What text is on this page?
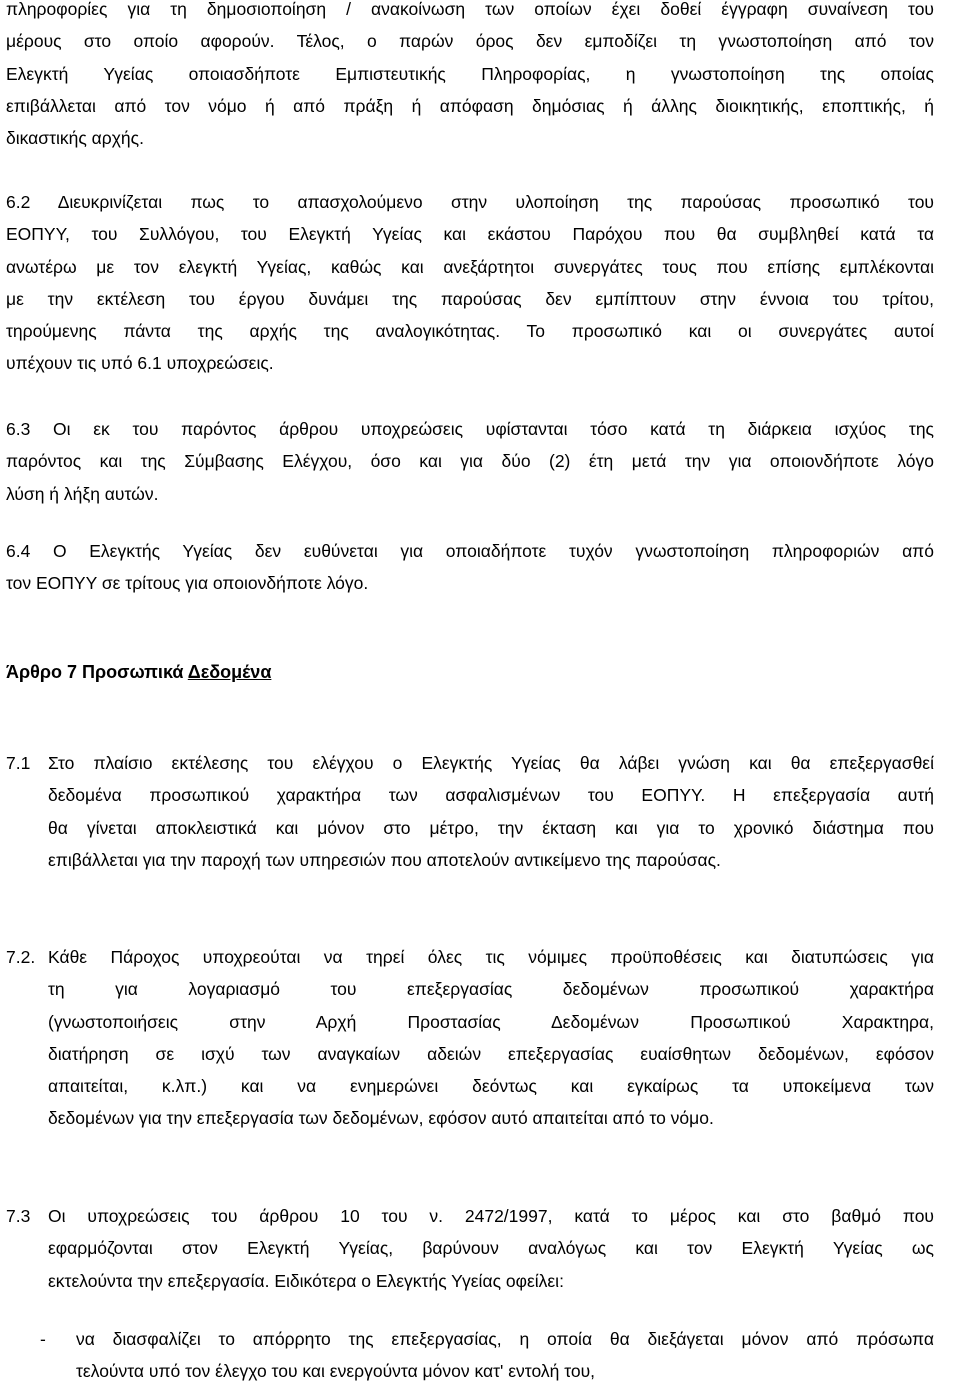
πληροφορίες για τη δημοσιοποίηση / ανακοίνωση των οποίων έχει δοθεί έγγραφη συναίνεση του
μέρους στο οποίο αφορούν. Τέλος, ο παρών όρος δεν εμποδίζει τη γνωστοποίηση από τον
Ελεγκτή Υγείας οποιασδήποτε Εμπιστευτικής Πληροφορίας, η γνωστοποίηση της οποίας
επιβάλλεται από τον νόμο ή από πράξη ή απόφαση δημόσιας ή άλλης διοικητικής, εποπτικής, ή
δικαστικής αρχής.
6.2 Διευκρινίζεται πως το απασχολούμενο στην υλοποίηση της παρούσας προσωπικό του
ΕΟΠΥΥ, του Συλλόγου, του Ελεγκτή Υγείας και εκάστου Παρόχου που θα συμβληθεί κατά τα
ανωτέρω με τον ελεγκτή Υγείας, καθώς και ανεξάρτητοι συνεργάτες τους που επίσης εμπλέκονται
με την εκτέλεση του έργου δυνάμει της παρούσας δεν εμπίπτουν στην έννοια του τρίτου,
τηρούμενης πάντα της αρχής της αναλογικότητας. Το προσωπικό και οι συνεργάτες αυτοί
υπέχουν τις υπό 6.1 υποχρεώσεις.
6.3 Οι εκ του παρόντος άρθρου υποχρεώσεις υφίστανται τόσο κατά τη διάρκεια ισχύος της
παρόντος και της Σύμβασης Ελέγχου, όσο και για δύο (2) έτη μετά την για οποιονδήποτε λόγο
λύση ή λήξη αυτών.
6.4 Ο Ελεγκτής Υγείας δεν ευθύνεται για οποιαδήποτε τυχόν γνωστοποίηση πληροφοριών από
τον ΕΟΠΥΥ σε τρίτους για οποιονδήποτε λόγο.
Άρθρο 7 Προσωπικά Δεδομένα
7.1 Στο πλαίσιο εκτέλεσης του ελέγχου ο Ελεγκτής Υγείας θα λάβει γνώση και θα επεξεργασθεί
δεδομένα προσωπικού χαρακτήρα των ασφαλισμένων του ΕΟΠΥΥ. Η επεξεργασία αυτή
θα γίνεται αποκλειστικά και μόνον στο μέτρο, την έκταση και για το χρονικό διάστημα που
επιβάλλεται για την παροχή των υπηρεσιών που αποτελούν αντικείμενο της παρούσας.
7.2. Κάθε Πάροχος υποχρεούται να τηρεί όλες τις νόμιμες προϋποθέσεις και διατυπώσεις για
τη για λογαριασμό του επεξεργασίας δεδομένων προσωπικού χαρακτήρα
(γνωστοποιήσεις στην Αρχή Προστασίας Δεδομένων Προσωπικού Χαρακτηρα,
διατήρηση σε ισχύ των αναγκαίων αδειών επεξεργασίας ευαίσθητων δεδομένων, εφόσον
απαιτείται, κ.λπ.) και να ενημερώνει δεόντως και εγκαίρως τα υποκείμενα των
δεδομένων για την επεξεργασία των δεδομένων, εφόσον αυτό απαιτείται από το νόμο.
7.3 Οι υποχρεώσεις του άρθρου 10 του ν. 2472/1997, κατά το μέρος και στο βαθμό που
εφαρμόζονται στον Ελεγκτή Υγείας, βαρύνουν αναλόγως και τον Ελεγκτή Υγείας ως
εκτελούντα την επεξεργασία. Ειδικότερα ο Ελεγκτής Υγείας οφείλει:
- να διασφαλίζει το απόρρητο της επεξεργασίας, η οποία θα διεξάγεται μόνον από πρόσωπα
τελούντα υπό τον έλεγχο του και ενεργούντα μόνον κατ' εντολή του,
